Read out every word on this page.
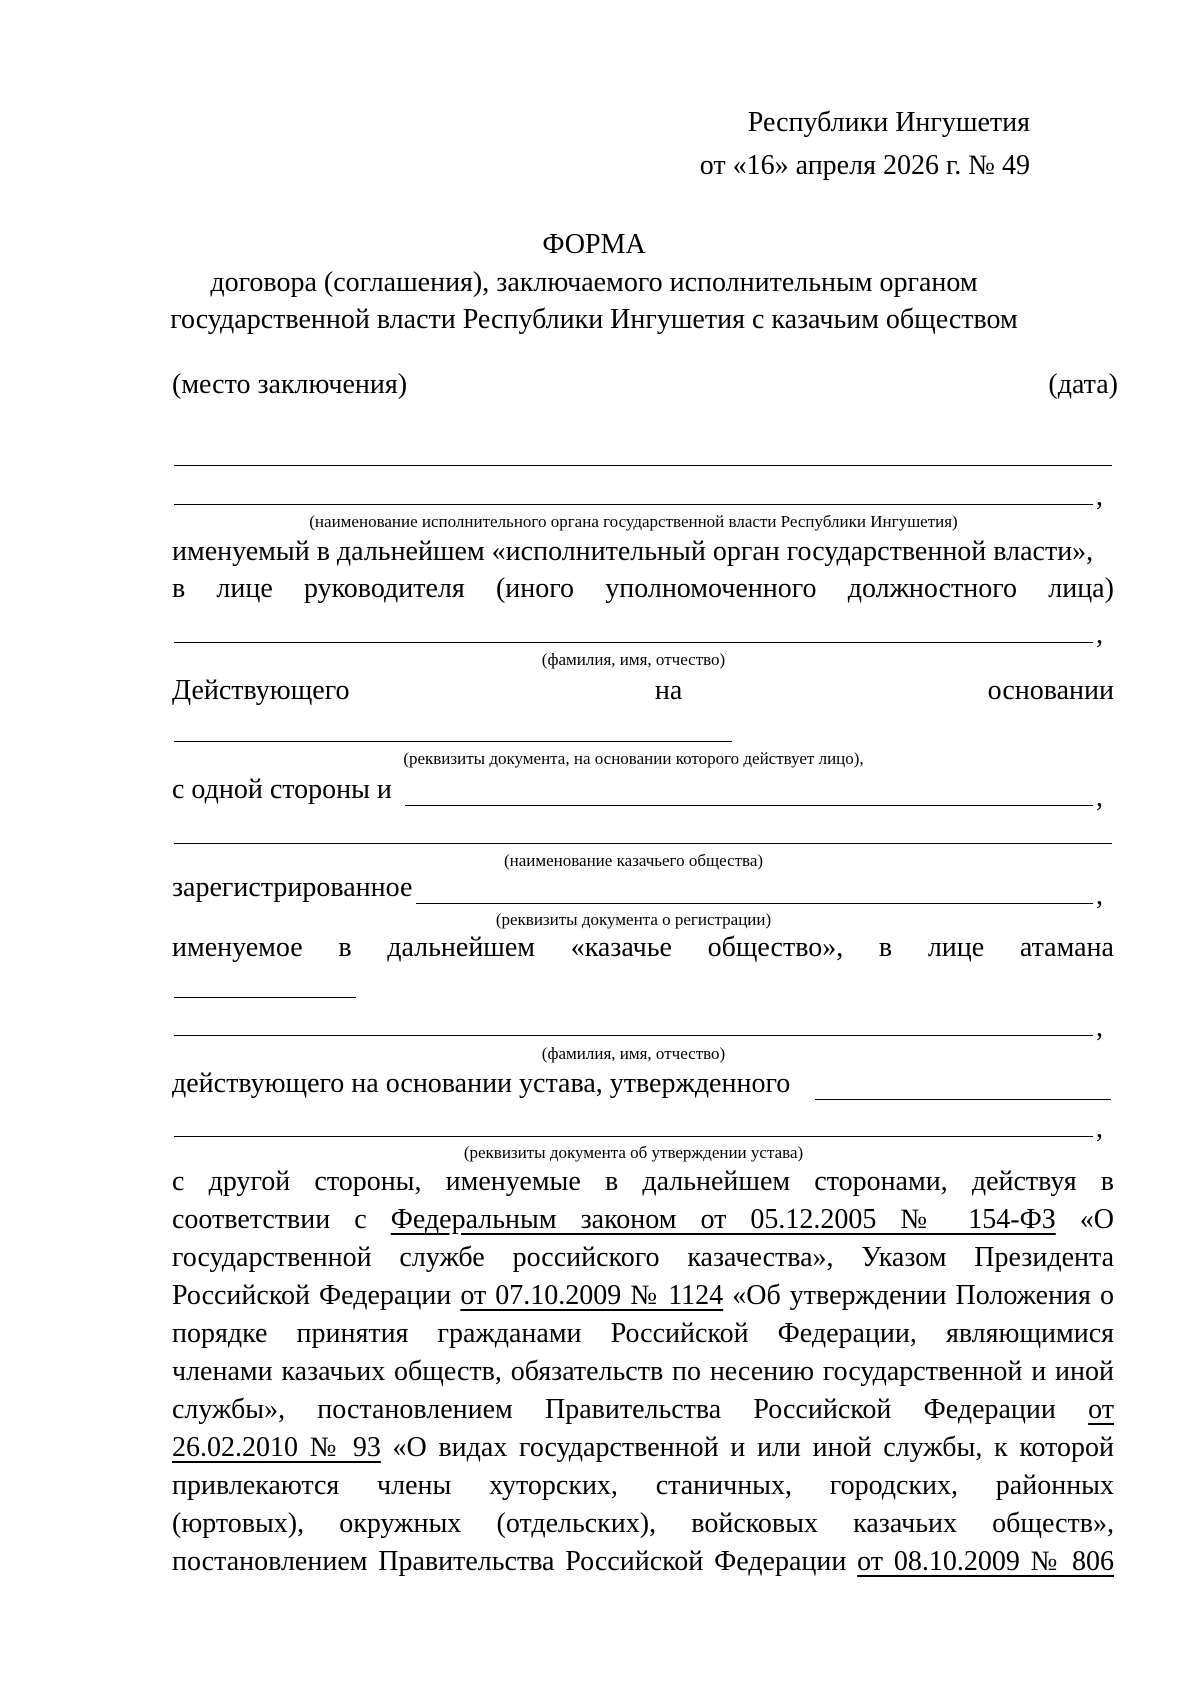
Республики Ингушетия
от «16» апреля 2026 г. № 49
ФОРМА
договора (соглашения), заключаемого исполнительным органом
государственной власти Республики Ингушетия с казачьим обществом
(место заключения)	(дата)
,
(наименование исполнительного органа государственной власти Республики Ингушетия)
именуемый в дальнейшем «исполнительный орган государственной власти»,
в лице руководителя (иного уполномоченного должностного лица)
,
(фамилия, имя, отчество)
Действующего	на	основании
(реквизиты документа, на основании которого действует лицо),
с одной стороны и	,
(наименование казачьего общества)
зарегистрированное	,
(реквизиты документа о регистрации)
именуемое в дальнейшем «казачье общество», в лице атамана
,
(фамилия, имя, отчество)
действующего на основании устава, утвержденного
,
(реквизиты документа об утверждении устава)
с другой стороны, именуемые в дальнейшем сторонами, действуя в
соответствии с Федеральным законом от 05.12.2005 № 154-ФЗ «О
государственной службе российского казачества», Указом Президента
Российской Федерации от 07.10.2009 № 1124 «Об утверждении Положения о
порядке принятия гражданами Российской Федерации, являющимися
членами казачьих обществ, обязательств по несению государственной и иной
службы», постановлением Правительства Российской Федерации от
26.02.2010 № 93 «О видах государственной и или иной службы, к которой
привлекаются члены хуторских, станичных, городских, районных
(юртовых), окружных (отдельских), войсковых казачьих обществ»,
постановлением Правительства Российской Федерации от 08.10.2009 № 806
